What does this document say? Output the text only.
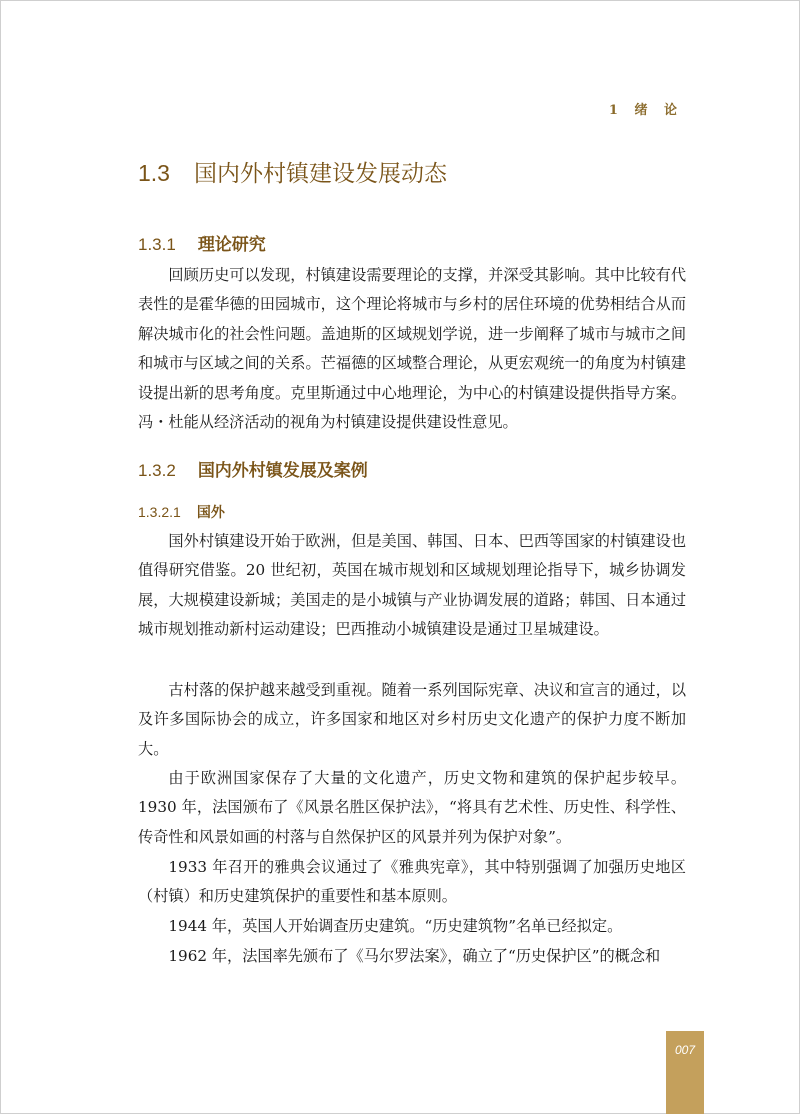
1 绪 论
1.3 国内外村镇建设发展动态
1.3.1 理论研究

回顾历史可以发现，村镇建设需要理论的支撑，并深受其影响。其中比较有代表性的是霍华德的田园城市，这个理论将城市与乡村的居住环境的优势相结合从而解决城市化的社会性问题。盖迪斯的区域规划学说，进一步阐释了城市与城市之间和城市与区域之间的关系。芒福德的区域整合理论，从更宏观统一的角度为村镇建设提出新的思考角度。克里斯通过中心地理论，为中心的村镇建设提供指导方案。冯・杜能从经济活动的视角为村镇建设提供建设性意见。

1.3.2 国内外村镇发展及案例
1.3.2.1 国外

国外村镇建设开始于欧洲，但是美国、韩国、日本、巴西等国家的村镇建设也值得研究借鉴。20 世纪初，英国在城市规划和区域规划理论指导下，城乡协调发展，大规模建设新城；美国走的是小城镇与产业协调发展的道路；韩国、日本通过城市规划推动新村运动建设；巴西推动小城镇建设是通过卫星城建设。

古村落的保护越来越受到重视。随着一系列国际宪章、决议和宣言的通过，以及许多国际协会的成立，许多国家和地区对乡村历史文化遗产的保护力度不断加大。

由于欧洲国家保存了大量的文化遗产，历史文物和建筑的保护起步较早。1930 年，法国颁布了《风景名胜区保护法》，“将具有艺术性、历史性、科学性、传奇性和风景如画的村落与自然保护区的风景并列为保护对象”。

1933 年召开的雅典会议通过了《雅典宪章》，其中特别强调了加强历史地区（村镇）和历史建筑保护的重要性和基本原则。

1944 年，英国人开始调查历史建筑。“历史建筑物”名单已经拟定。

1962 年，法国率先颁布了《马尔罗法案》，确立了“历史保护区”的概念和

007
